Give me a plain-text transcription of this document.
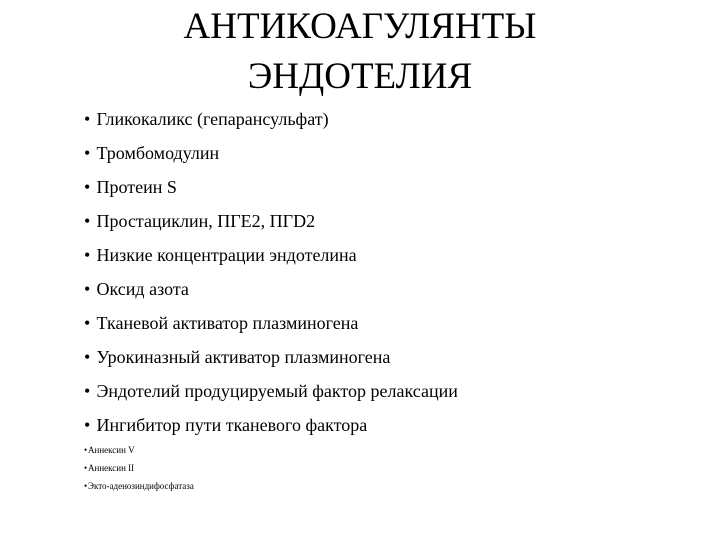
АНТИКОАГУЛЯНТЫ
ЭНДОТЕЛИЯ
• Гликокаликс (гепарансульфат)
• Тромбомодулин
• Протеин S
• Простациклин, ПГЕ2, ПГD2
• Низкие концентрации эндотелина
• Оксид азота
• Тканевой активатор плазминогена
• Урокиназный активатор плазминогена
• Эндотелий продуцируемый фактор релаксации
• Ингибитор пути тканевого фактора
•Аннексин V
•Аннексин II
•Экто-аденозиндифосфатаза
